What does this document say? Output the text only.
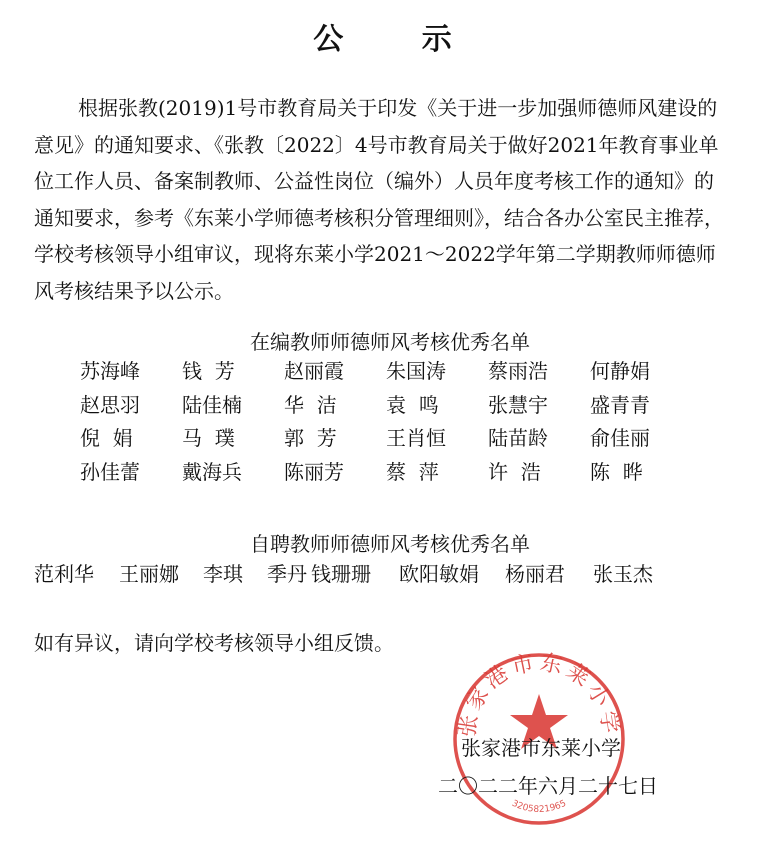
公 示
根据张教(2019)1号市教育局关于印发《关于进一步加强师德师风建设的意见》的通知要求、《张教〔2022〕4号市教育局关于做好2021年教育事业单位工作人员、备案制教师、公益性岗位（编外）人员年度考核工作的通知》的通知要求，参考《东莱小学师德考核积分管理细则》，结合各办公室民主推荐，学校考核领导小组审议，现将东莱小学2021～2022学年第二学期教师师德师风考核结果予以公示。
在编教师师德师风考核优秀名单
苏海峰	钱  芳	赵丽霞	朱国涛	蔡雨浩	何静娟
赵思羽	陆佳楠	华  洁	袁  鸣	张慧宇	盛青青
倪  娟	马  璞	郭  芳	王肖恒	陆苗龄	俞佳丽
孙佳蕾	戴海兵	陈丽芳	蔡  萍	许  浩	陈  晔
自聘教师师德师风考核优秀名单
范利华 王丽娜 李琪 季丹 钱珊珊 欧阳敏娟 杨丽君 张玉杰
如有异议，请向学校考核领导小组反馈。
张家港市东莱小学
3205821965
张家港市东莱小学
二〇二二年六月二十七日
